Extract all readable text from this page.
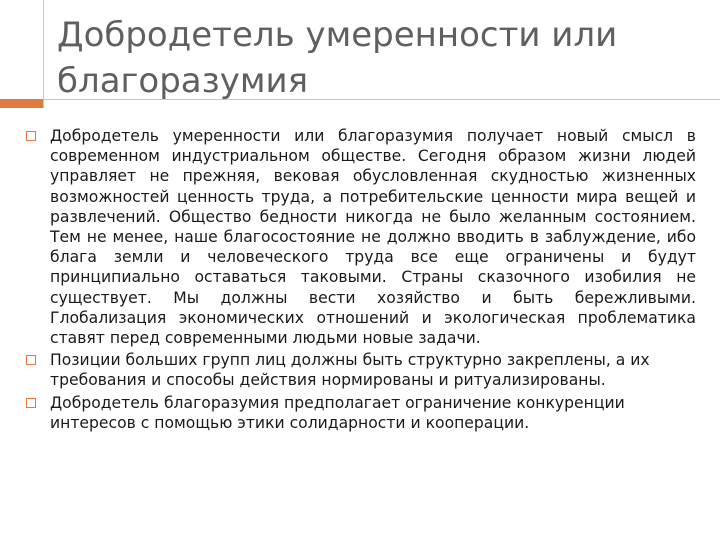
Добродетель умеренности или
благоразумия
Добродетель умеренности или благоразумия получает новый смысл в современном индустриальном обществе. Сегодня образом жизни людей управляет не прежняя, вековая обусловленная скудностью жизненных возможностей ценность труда, а потребительские ценности мира вещей и развлечений. Общество бедности никогда не было желанным состоянием. Тем не менее, наше благосостояние не должно вводить в заблуждение, ибо блага земли и человеческого труда все еще ограничены и будут принципиально оставаться таковыми. Страны сказочного изобилия не существует. Мы должны вести хозяйство и быть бережливыми. Глобализация экономических отношений и экологическая проблематика ставят перед современными людьми новые задачи.
Позиции больших групп лиц должны быть структурно закреплены, а их требования и способы действия нормированы и ритуализированы.
Добродетель благоразумия предполагает ограничение конкуренции интересов с помощью этики солидарности и кооперации.
